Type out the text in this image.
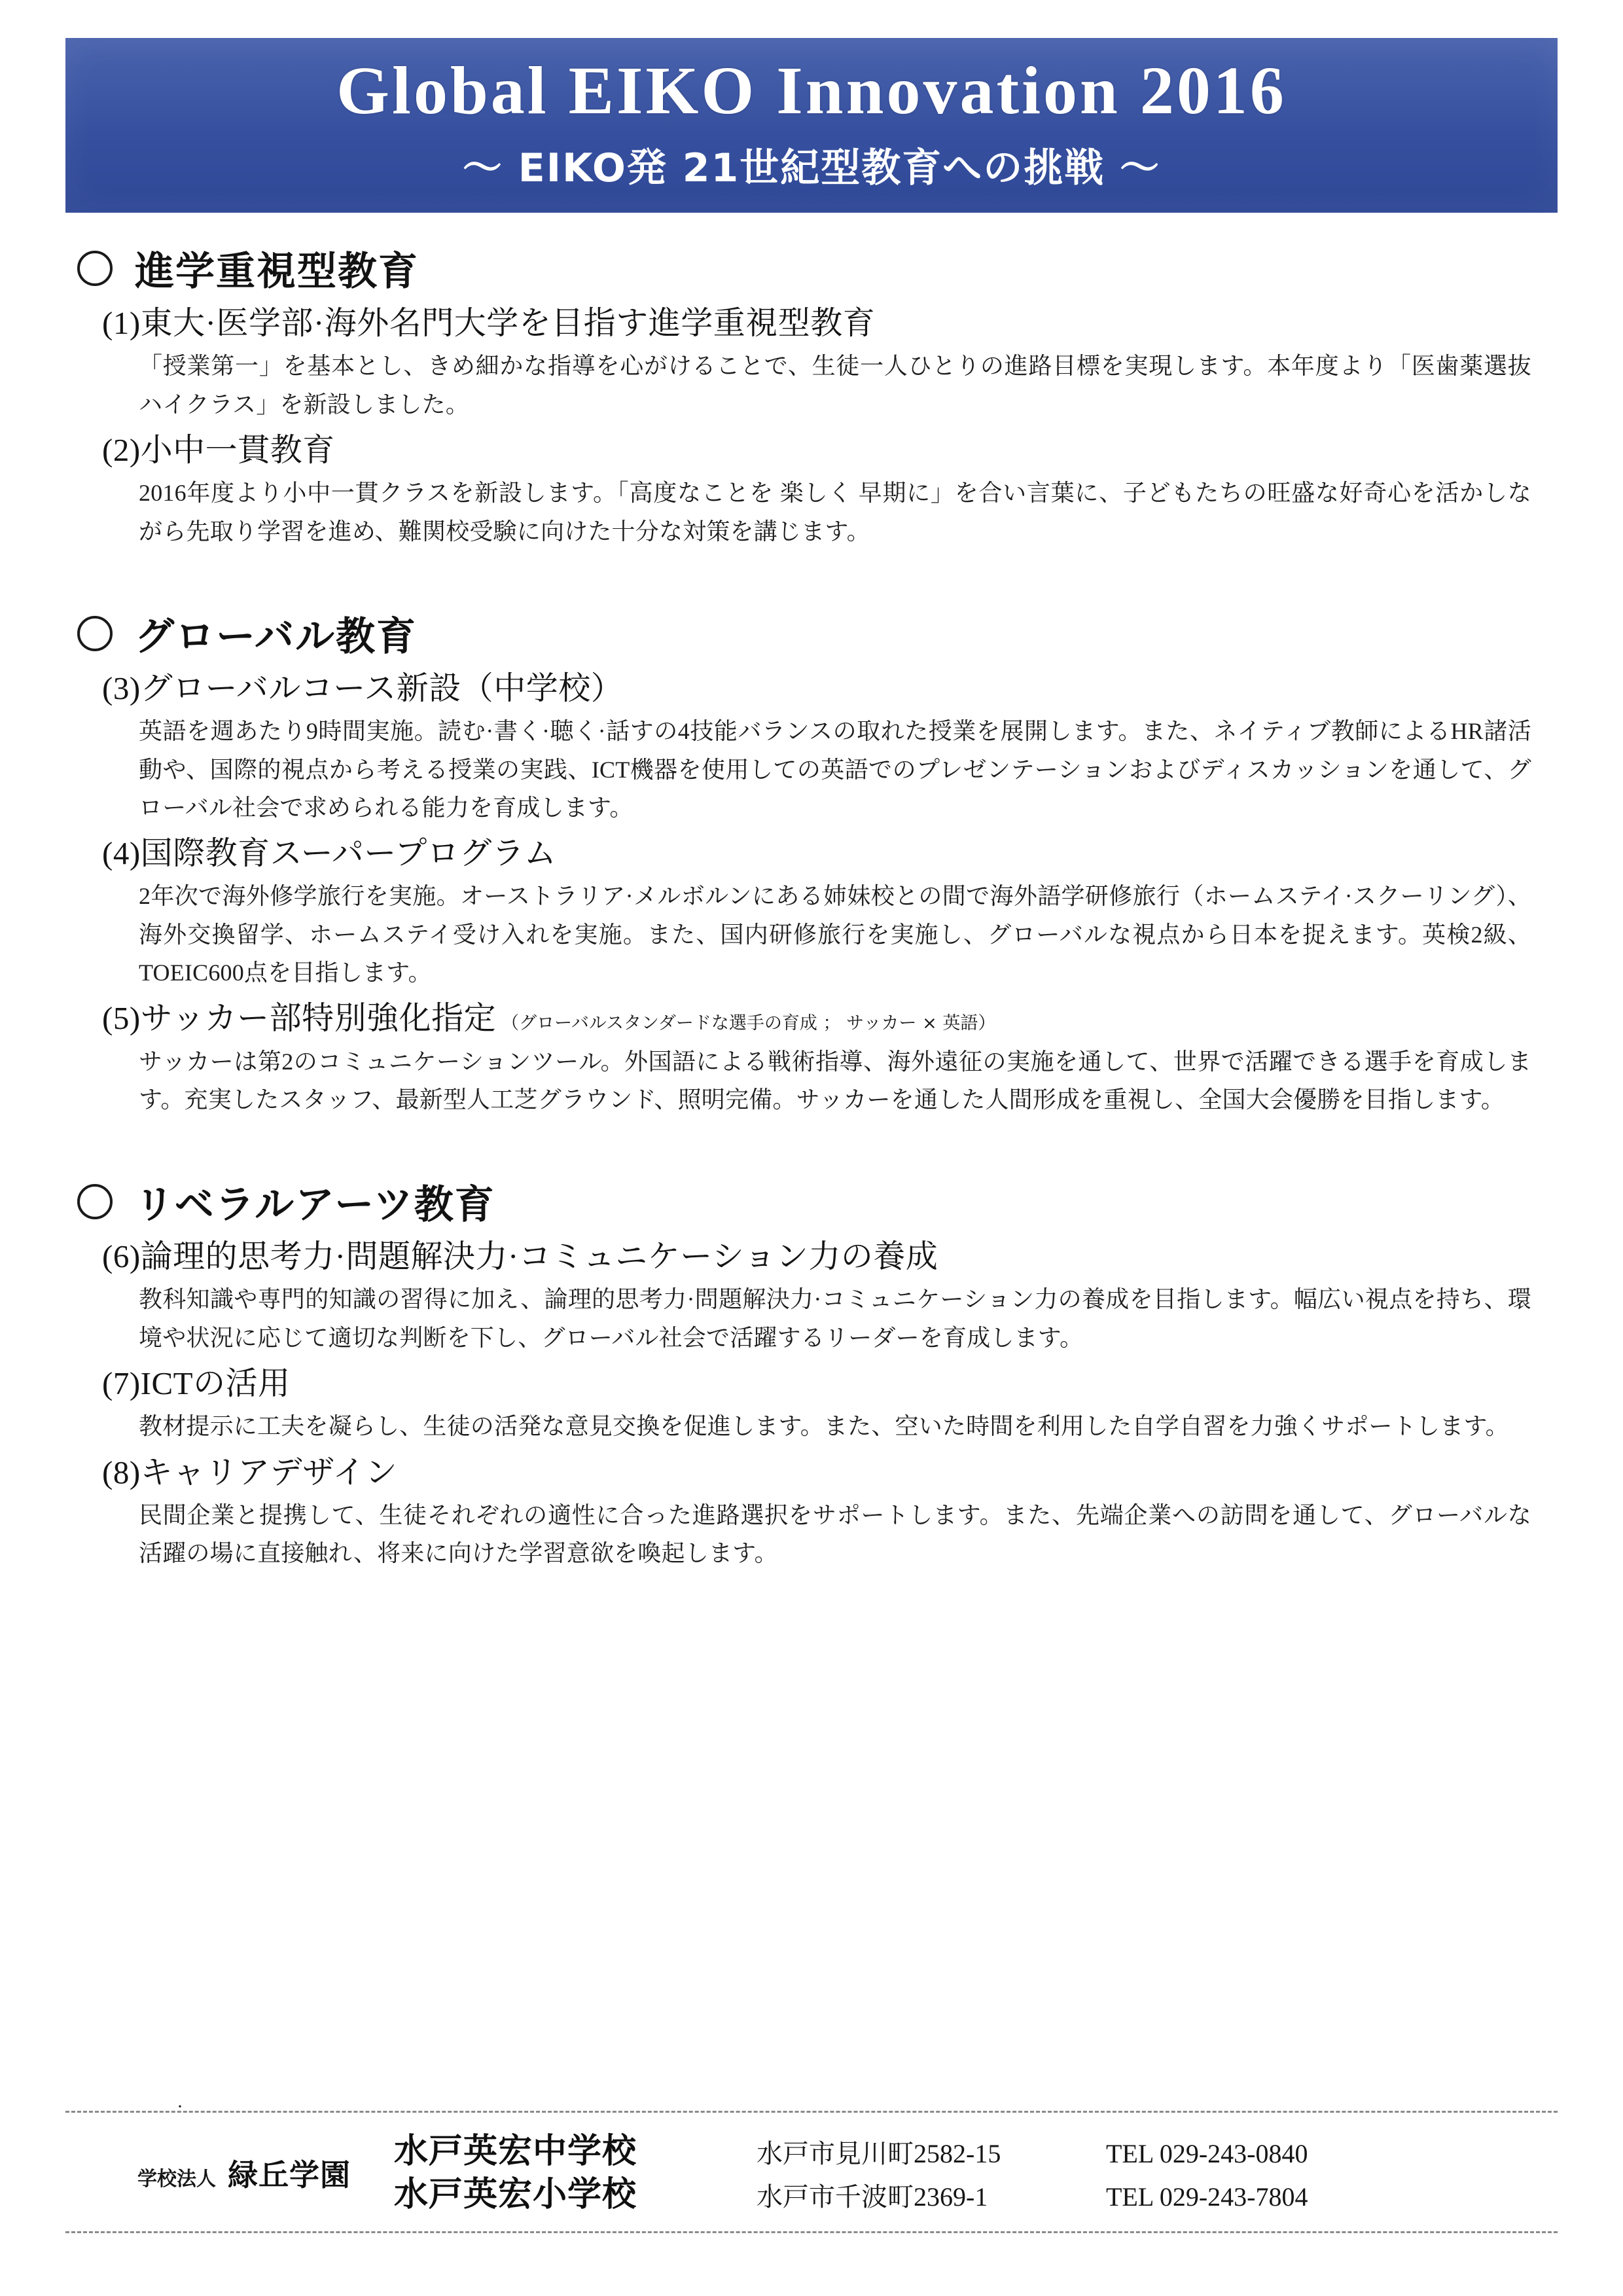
Global EIKO Innovation 2016
～ EIKO発 21世紀型教育への挑戦 ～
進学重視型教育
(1)東大·医学部·海外名門大学を目指す進学重視型教育
「授業第一」を基本とし、きめ細かな指導を心がけることで、生徒一人ひとりの進路目標を実現します。本年度より「医歯薬選抜ハイクラス」を新設しました。
(2)小中一貫教育
2016年度より小中一貫クラスを新設します。「高度なことを 楽しく 早期に」を合い言葉に、子どもたちの旺盛な好奇心を活かしながら先取り学習を進め、難関校受験に向けた十分な対策を講じます。
グローバル教育
(3)グローバルコース新設（中学校）
英語を週あたり9時間実施。読む·書く·聴く·話すの4技能バランスの取れた授業を展開します。また、ネイティブ教師によるHR諸活動や、国際的視点から考える授業の実践、ICT機器を使用しての英語でのプレゼンテーションおよびディスカッションを通して、グローバル社会で求められる能力を育成します。
(4)国際教育スーパープログラム
2年次で海外修学旅行を実施。オーストラリア·メルボルンにある姉妹校との間で海外語学研修旅行（ホームステイ·スクーリング）、海外交換留学、ホームステイ受け入れを実施。また、国内研修旅行を実施し、グローバルな視点から日本を捉えます。英検2級、TOEIC600点を目指します。
(5)サッカー部特別強化指定 （グローバルスタンダードな選手の育成 ； サッカー × 英語）
サッカーは第2のコミュニケーションツール。外国語による戦術指導、海外遠征の実施を通して、世界で活躍できる選手を育成します。充実したスタッフ、最新型人工芝グラウンド、照明完備。サッカーを通した人間形成を重視し、全国大会優勝を目指します。
リベラルアーツ教育
(6)論理的思考力·問題解決力·コミュニケーション力の養成
教科知識や専門的知識の習得に加え、論理的思考力·問題解決力·コミュニケーション力の養成を目指します。幅広い視点を持ち、環境や状況に応じて適切な判断を下し、グローバル社会で活躍するリーダーを育成します。
(7)ICTの活用
教材提示に工夫を凝らし、生徒の活発な意見交換を促進します。また、空いた時間を利用した自学自習を力強くサポートします。
(8)キャリアデザイン
民間企業と提携して、生徒それぞれの適性に合った進路選択をサポートします。また、先端企業への訪問を通して、グローバルな活躍の場に直接触れ、将来に向けた学習意欲を喚起します。
·
学校法人 緑丘学園
水戸英宏中学校	水戸市見川町2582-15	TEL 029-243-0840
水戸英宏小学校	水戸市千波町2369-1	TEL 029-243-7804
